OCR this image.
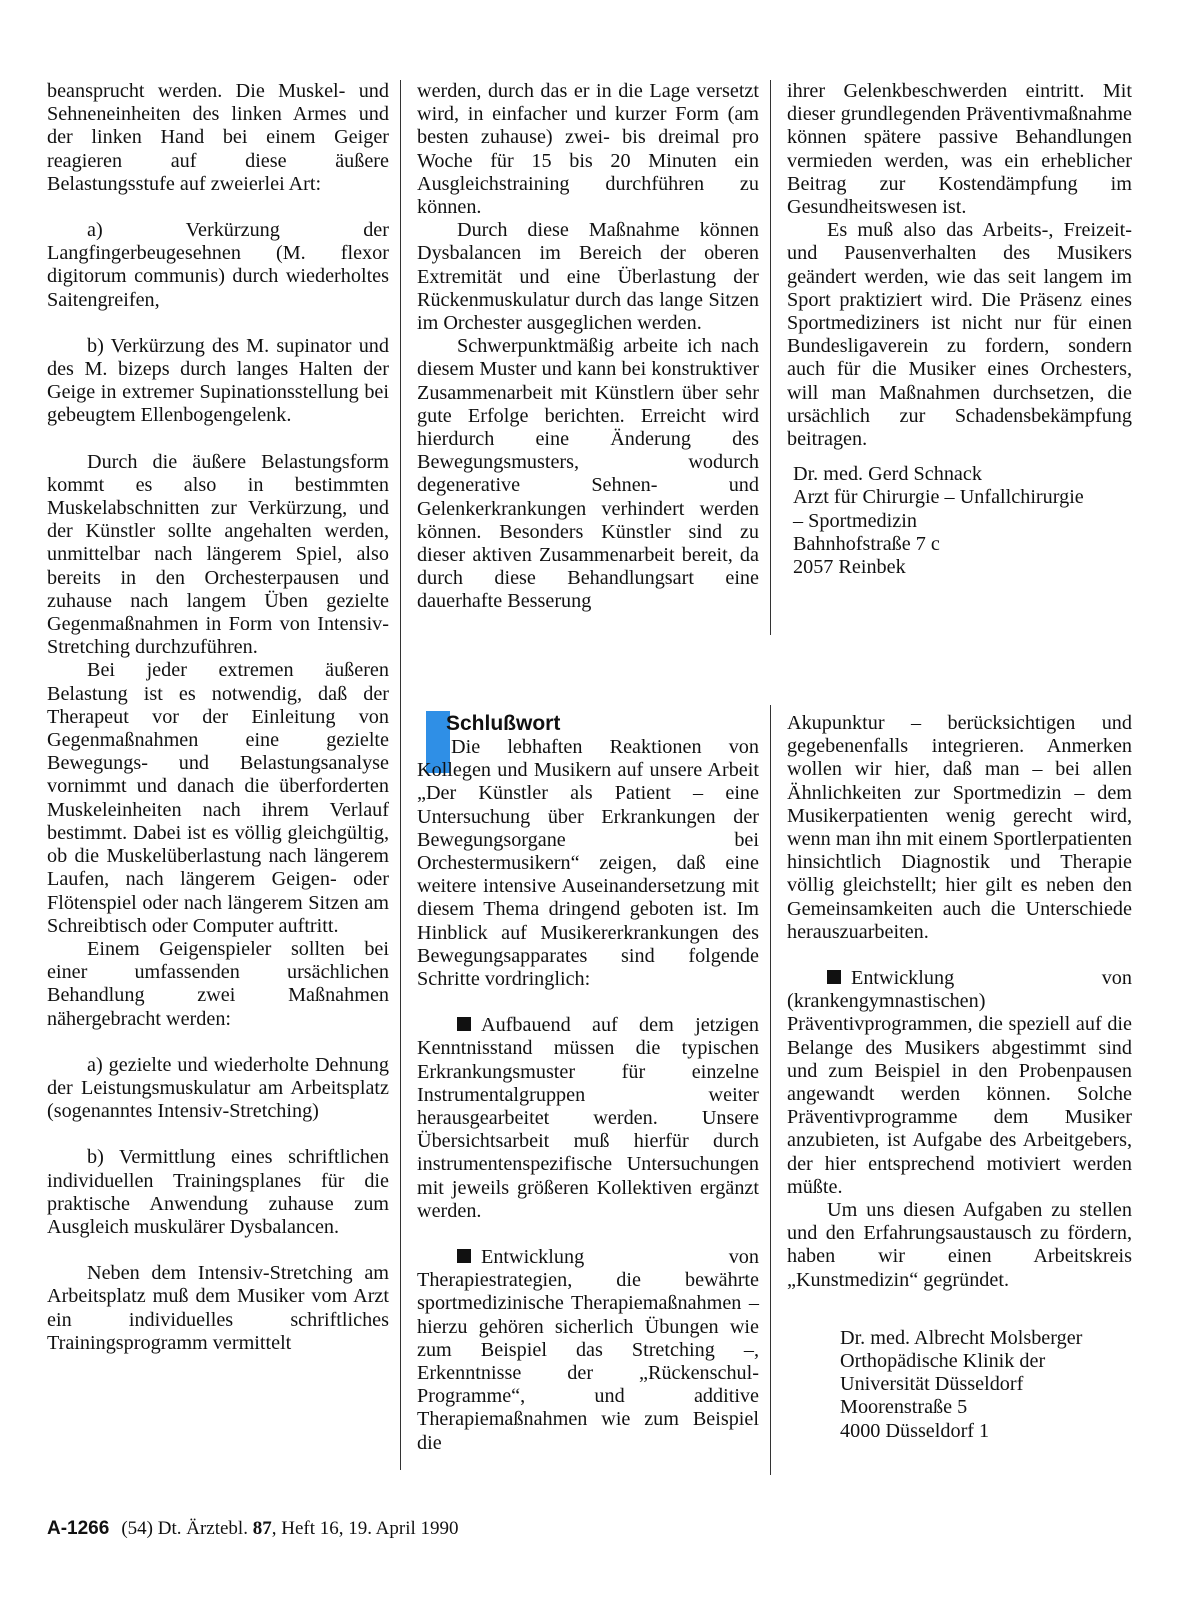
beansprucht werden. Die Muskel- und Sehneneinheiten des linken Armes und der linken Hand bei einem Geiger reagieren auf diese äußere Belastungsstufe auf zweierlei Art:

a) Verkürzung der Langfingerbeugesehnen (M. flexor digitorum communis) durch wiederholtes Saitengreifen,

b) Verkürzung des M. supinator und des M. bizeps durch langes Halten der Geige in extremer Supinationsstellung bei gebeugtem Ellenbogengelenk.

Durch die äußere Belastungsform kommt es also in bestimmten Muskelabschnitten zur Verkürzung, und der Künstler sollte angehalten werden, unmittelbar nach längerem Spiel, also bereits in den Orchesterpausen und zuhause nach langem Üben gezielte Gegenmaßnahmen in Form von Intensiv-Stretching durchzuführen.

Bei jeder extremen äußeren Belastung ist es notwendig, daß der Therapeut vor der Einleitung von Gegenmaßnahmen eine gezielte Bewegungs- und Belastungsanalyse vornimmt und danach die überforderten Muskeleinheiten nach ihrem Verlauf bestimmt. Dabei ist es völlig gleichgültig, ob die Muskelüberlastung nach längerem Laufen, nach längerem Geigen- oder Flötenspiel oder nach längerem Sitzen am Schreibtisch oder Computer auftritt.

Einem Geigenspieler sollten bei einer umfassenden ursächlichen Behandlung zwei Maßnahmen nähergebracht werden:

a) gezielte und wiederholte Dehnung der Leistungsmuskulatur am Arbeitsplatz (sogenanntes Intensiv-Stretching)

b) Vermittlung eines schriftlichen individuellen Trainingsplanes für die praktische Anwendung zuhause zum Ausgleich muskulärer Dysbalancen.

Neben dem Intensiv-Stretching am Arbeitsplatz muß dem Musiker vom Arzt ein individuelles schriftliches Trainingsprogramm vermittelt

werden, durch das er in die Lage versetzt wird, in einfacher und kurzer Form (am besten zuhause) zwei- bis dreimal pro Woche für 15 bis 20 Minuten ein Ausgleichstraining durchführen zu können.

Durch diese Maßnahme können Dysbalancen im Bereich der oberen Extremität und eine Überlastung der Rückenmuskulatur durch das lange Sitzen im Orchester ausgeglichen werden.

Schwerpunktmäßig arbeite ich nach diesem Muster und kann bei konstruktiver Zusammenarbeit mit Künstlern über sehr gute Erfolge berichten. Erreicht wird hierdurch eine Änderung des Bewegungsmusters, wodurch degenerative Sehnen- und Gelenkerkrankungen verhindert werden können. Besonders Künstler sind zu dieser aktiven Zusammenarbeit bereit, da durch diese Behandlungsart eine dauerhafte Besserung

ihrer Gelenkbeschwerden eintritt. Mit dieser grundlegenden Präventivmaßnahme können spätere passive Behandlungen vermieden werden, was ein erheblicher Beitrag zur Kostendämpfung im Gesundheitswesen ist.

Es muß also das Arbeits-, Freizeit- und Pausenverhalten des Musikers geändert werden, wie das seit langem im Sport praktiziert wird. Die Präsenz eines Sportmediziners ist nicht nur für einen Bundesligaverein zu fordern, sondern auch für die Musiker eines Orchesters, will man Maßnahmen durchsetzen, die ursächlich zur Schadensbekämpfung beitragen.

Dr. med. Gerd Schnack

Arzt für Chirurgie – Unfallchirurgie

– Sportmedizin

Bahnhofstraße 7 c

2057 Reinbek

Schlußwort

Die lebhaften Reaktionen von Kollegen und Musikern auf unsere Arbeit „Der Künstler als Patient – eine Untersuchung über Erkrankungen der Bewegungsorgane bei Orchestermusikern“ zeigen, daß eine weitere intensive Auseinandersetzung mit diesem Thema dringend geboten ist. Im Hinblick auf Musikererkrankungen des Bewegungsapparates sind folgende Schritte vordringlich:

Aufbauend auf dem jetzigen Kenntnisstand müssen die typischen Erkrankungsmuster für einzelne Instrumentalgruppen weiter herausgearbeitet werden. Unsere Übersichtsarbeit muß hierfür durch instrumentenspezifische Untersuchungen mit jeweils größeren Kollektiven ergänzt werden.

Entwicklung von Therapiestrategien, die bewährte sportmedizinische Therapiemaßnahmen – hierzu gehören sicherlich Übungen wie zum Beispiel das Stretching –, Erkenntnisse der „Rückenschul-Programme“, und additive Therapiemaßnahmen wie zum Beispiel die

Akupunktur – berücksichtigen und gegebenenfalls integrieren. Anmerken wollen wir hier, daß man – bei allen Ähnlichkeiten zur Sportmedizin – dem Musikerpatienten wenig gerecht wird, wenn man ihn mit einem Sportlerpatienten hinsichtlich Diagnostik und Therapie völlig gleichstellt; hier gilt es neben den Gemeinsamkeiten auch die Unterschiede herauszuarbeiten.

Entwicklung von (krankengymnastischen) Präventivprogrammen, die speziell auf die Belange des Musikers abgestimmt sind und zum Beispiel in den Probenpausen angewandt werden können. Solche Präventivprogramme dem Musiker anzubieten, ist Aufgabe des Arbeitgebers, der hier entsprechend motiviert werden müßte.

Um uns diesen Aufgaben zu stellen und den Erfahrungsaustausch zu fördern, haben wir einen Arbeitskreis „Kunstmedizin“ gegründet.

Dr. med. Albrecht Molsberger

Orthopädische Klinik der

Universität Düsseldorf

Moorenstraße 5

4000 Düsseldorf 1

A-1266 (54) Dt. Ärztebl. 87, Heft 16, 19. April 1990
